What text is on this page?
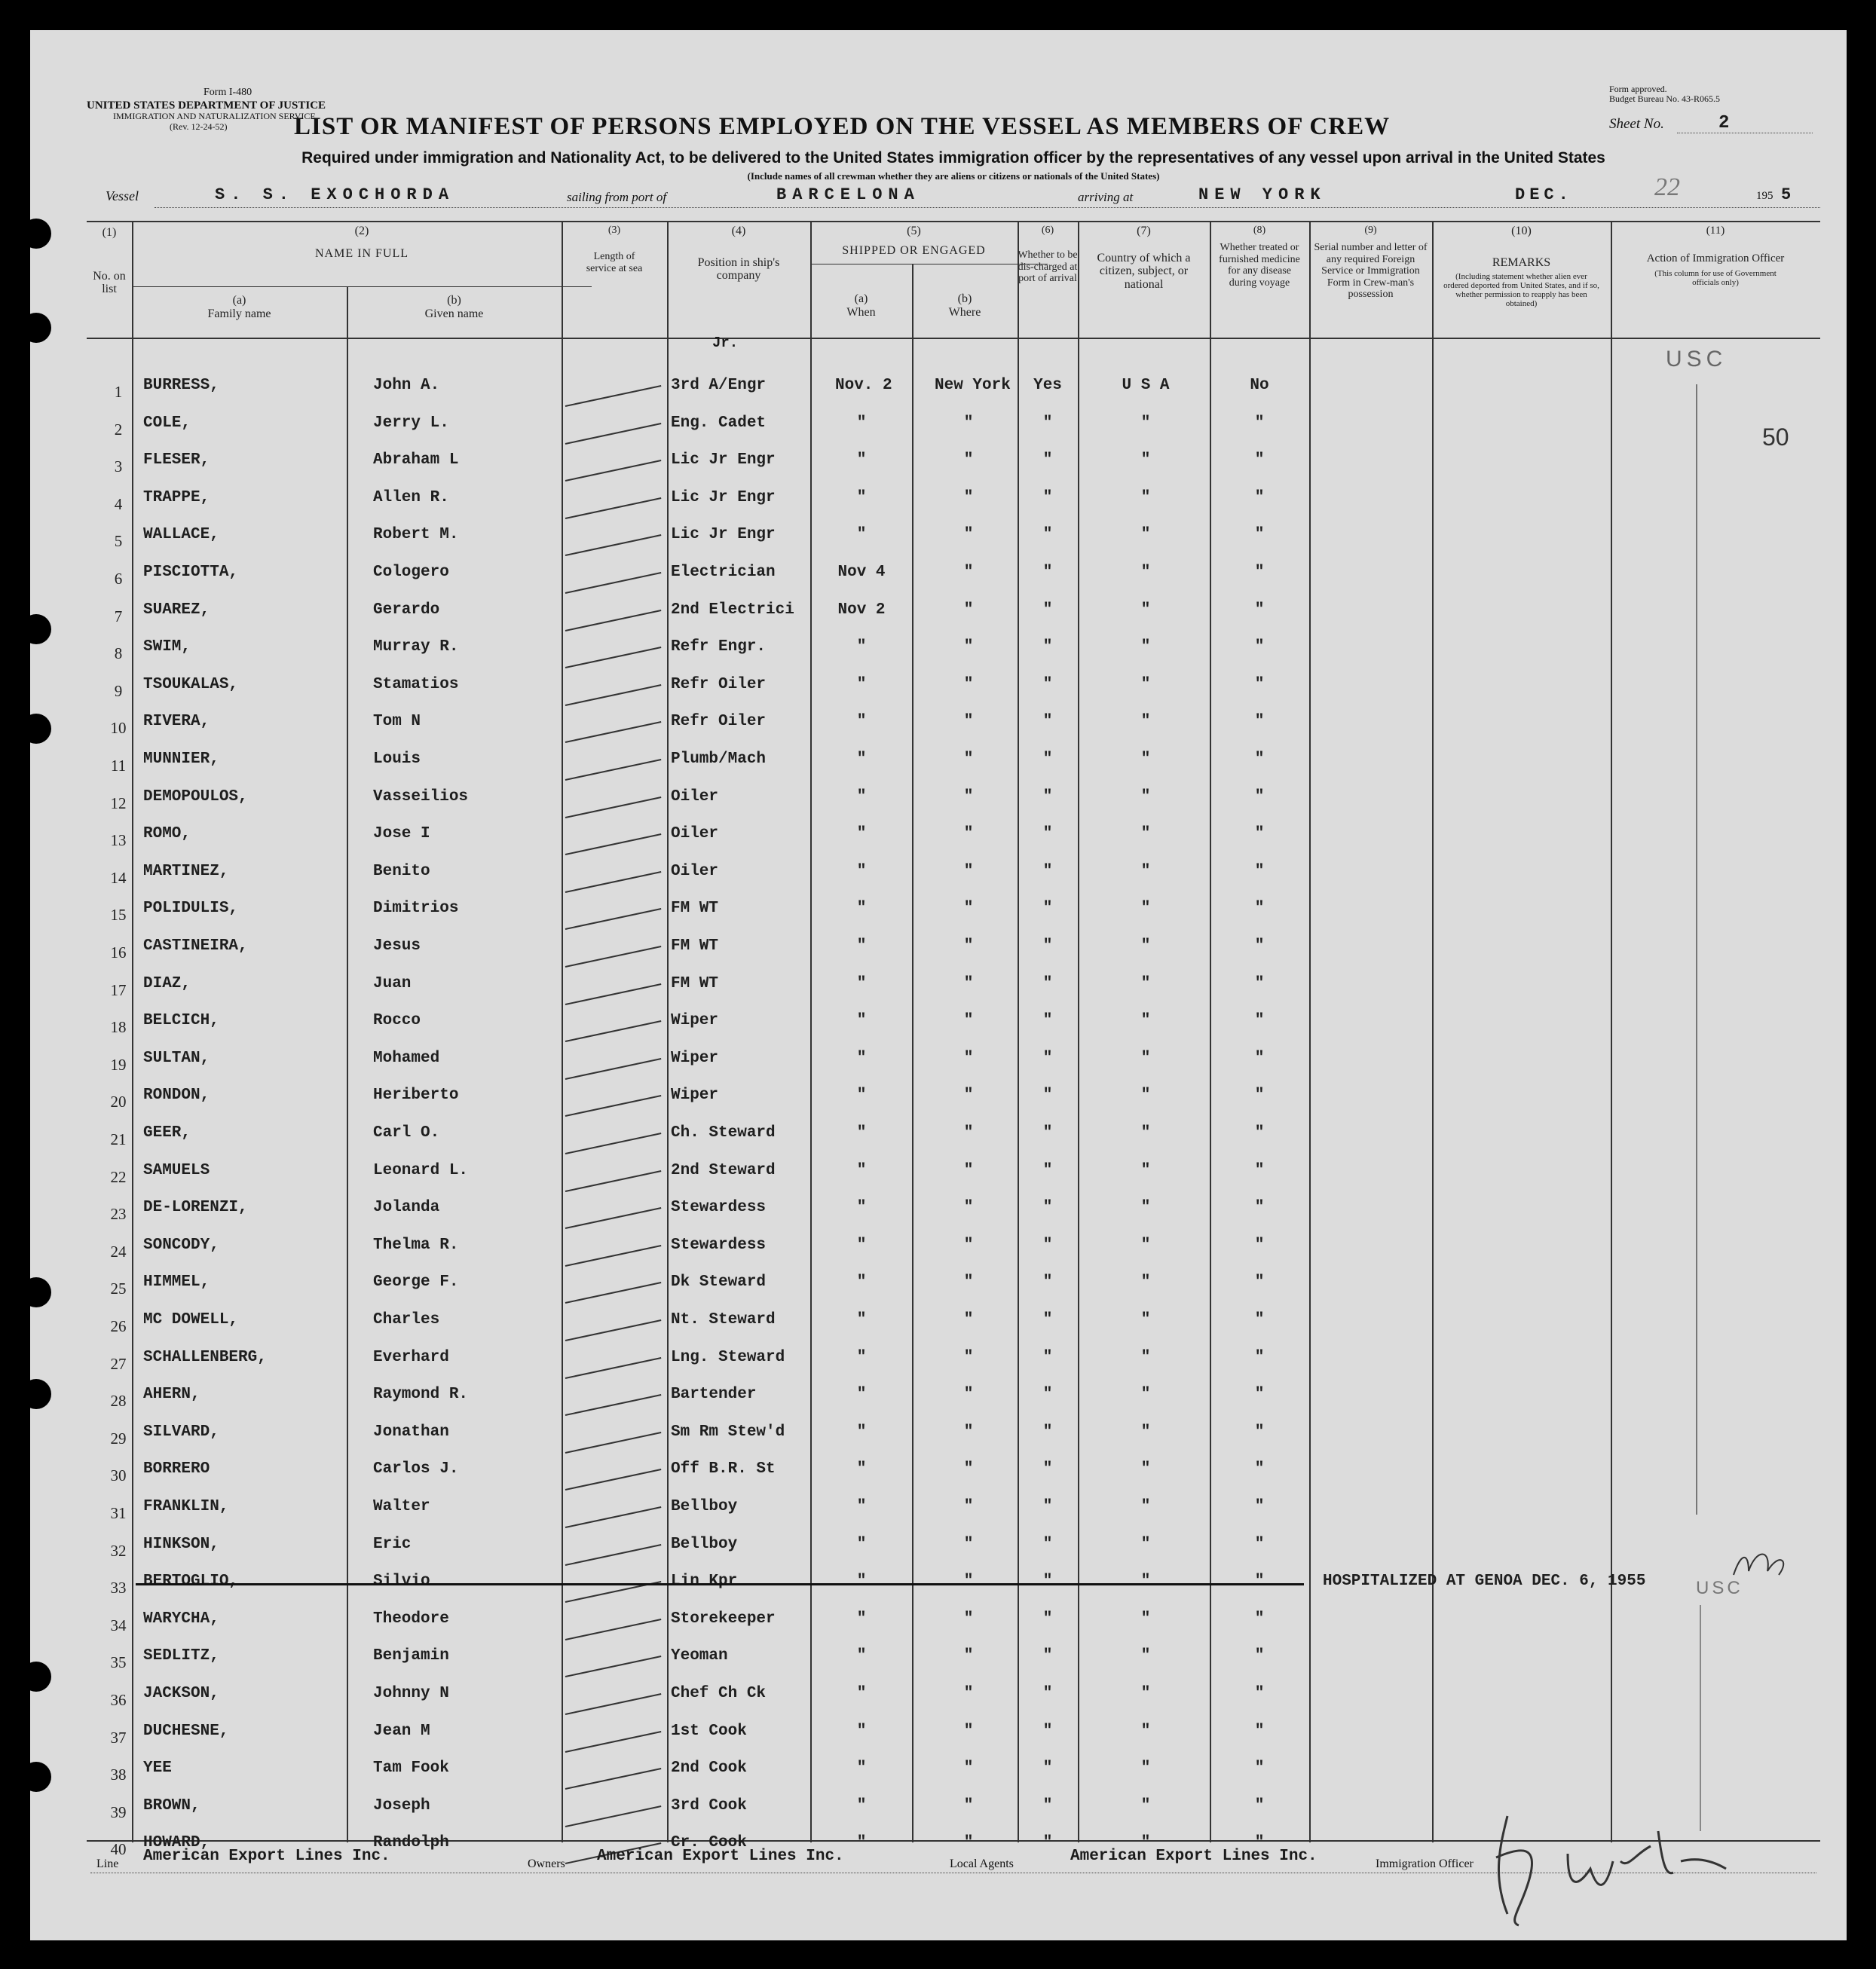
Form I-480
UNITED STATES DEPARTMENT OF JUSTICE
IMMIGRATION AND NATURALIZATION SERVICE
(Rev. 12-24-52)
Form approved.
Budget Bureau No. 43-R065.5
Sheet No.	2
LIST OR MANIFEST OF PERSONS EMPLOYED ON THE VESSEL AS MEMBERS OF CREW
Required under immigration and Nationality Act, to be delivered to the United States immigration officer by the representatives of any vessel upon arrival in the United States
(Include names of all crewman whether they are aliens or citizens or nationals of the United States)
Vessel	S. S. EXOCHORDA	sailing from port of	BARCELONA	arriving at	NEW YORK	DEC.	22	195 5
(1)
No. on list
(2)
NAME IN FULL
(a)
Family name
(b)
Given name
(3)
Length of service at sea
(4)
Position in ship's company
(5)
SHIPPED OR ENGAGED
(a)
When
(b)
Where
(6)
Whether to be dis-charged at port of arrival
(7)
Country of which a citizen, subject, or national
(8)
Whether treated or furnished medicine for any disease during voyage
(9)
Serial number and letter of any required Foreign Service or Immigration Form in Crew-man's possession
(10)
REMARKS
(Including statement whether alien ever ordered deported from United States, and if so, whether permission to reapply has been obtained)
(11)
Action of Immigration Officer
(This column for use of Government officials only)
1	BURRESS,	John A.	3rd A/Engr	Nov. 2	New York	Yes	U S A	No
2	COLE,	Jerry L.	Eng. Cadet	"	"	"	"	"
3	FLESER,	Abraham L	Lic Jr Engr	"	"	"	"	"
4	TRAPPE,	Allen R.	Lic Jr Engr	"	"	"	"	"
5	WALLACE,	Robert M.	Lic Jr Engr	"	"	"	"	"
6	PISCIOTTA,	Cologero	Electrician	Nov 4	"	"	"	"
7	SUAREZ,	Gerardo	2nd Electrici	Nov 2	"	"	"	"
8	SWIM,	Murray R.	Refr Engr.	"	"	"	"	"
9	TSOUKALAS,	Stamatios	Refr Oiler	"	"	"	"	"
10	RIVERA,	Tom N	Refr Oiler	"	"	"	"	"
11	MUNNIER,	Louis	Plumb/Mach	"	"	"	"	"
12	DEMOPOULOS,	Vasseilios	Oiler	"	"	"	"	"
13	ROMO,	Jose I	Oiler	"	"	"	"	"
14	MARTINEZ,	Benito	Oiler	"	"	"	"	"
15	POLIDULIS,	Dimitrios	FM WT	"	"	"	"	"
16	CASTINEIRA,	Jesus	FM WT	"	"	"	"	"
17	DIAZ,	Juan	FM WT	"	"	"	"	"
18	BELCICH,	Rocco	Wiper	"	"	"	"	"
19	SULTAN,	Mohamed	Wiper	"	"	"	"	"
20	RONDON,	Heriberto	Wiper	"	"	"	"	"
21	GEER,	Carl O.	Ch. Steward	"	"	"	"	"
22	SAMUELS	Leonard L.	2nd Steward	"	"	"	"	"
23	DE-LORENZI,	Jolanda	Stewardess	"	"	"	"	"
24	SONCODY,	Thelma R.	Stewardess	"	"	"	"	"
25	HIMMEL,	George F.	Dk Steward	"	"	"	"	"
26	MC DOWELL,	Charles	Nt. Steward	"	"	"	"	"
27	SCHALLENBERG,	Everhard	Lng. Steward	"	"	"	"	"
28	AHERN,	Raymond R.	Bartender	"	"	"	"	"
29	SILVARD,	Jonathan	Sm Rm Stew'd	"	"	"	"	"
30	BORRERO	Carlos J.	Off B.R. St	"	"	"	"	"
31	FRANKLIN,	Walter	Bellboy	"	"	"	"	"
32	HINKSON,	Eric	Bellboy	"	"	"	"	"
33	BERTOGLIO,	Silvio	Lin Kpr	"	"	"	"	"	HOSPITALIZED AT GENOA DEC. 6, 1955
34	WARYCHA,	Theodore	Storekeeper	"	"	"	"	"
35	SEDLITZ,	Benjamin	Yeoman	"	"	"	"	"
36	JACKSON,	Johnny N	Chef Ch Ck	"	"	"	"	"
37	DUCHESNE,	Jean M	1st Cook	"	"	"	"	"
38	YEE	Tam Fook	2nd Cook	"	"	"	"	"
39	BROWN,	Joseph	3rd Cook	"	"	"	"	"
40	HOWARD,	Randolph	Cr. Cook	"	"	"	"	"
Jr.
USC
50
USC
Line American Export Lines Inc.	Owners American Export Lines Inc.	Local Agents	American Export Lines Inc.	Immigration Officer
